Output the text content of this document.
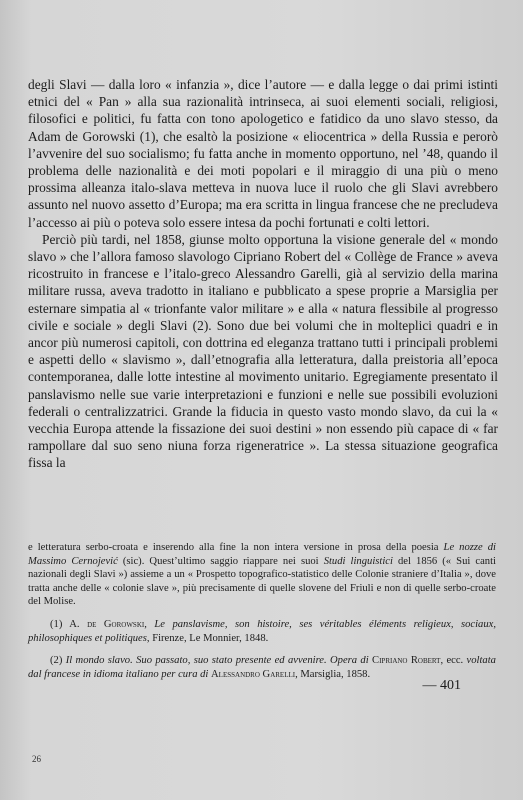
degli Slavi — dalla loro « infanzia », dice l’autore — e dalla legge o dai primi istinti etnici del « Pan » alla sua razionalità intrinseca, ai suoi elementi sociali, religiosi, filosofici e politici, fu fatta con tono apologetico e fatidico da uno slavo stesso, da Adam de Gorowski (1), che esaltò la posizione « eliocentrica » della Russia e perorò l’avvenire del suo socialismo; fu fatta anche in momento opportuno, nel ’48, quando il problema delle nazionalità e dei moti popolari e il miraggio di una più o meno prossima alleanza italo-slava metteva in nuova luce il ruolo che gli Slavi avrebbero assunto nel nuovo assetto d’Europa; ma era scritta in lingua francese che ne precludeva l’accesso ai più o poteva solo essere intesa da pochi fortunati e colti lettori.

Perciò più tardi, nel 1858, giunse molto opportuna la visione generale del « mondo slavo » che l’allora famoso slavologo Cipriano Robert del « Collège de France » aveva ricostruito in francese e l’italo-greco Alessandro Garelli, già al servizio della marina militare russa, aveva tradotto in italiano e pubblicato a spese proprie a Marsiglia per esternare simpatia al « trionfante valor militare » e alla « natura flessibile al progresso civile e sociale » degli Slavi (2). Sono due bei volumi che in molteplici quadri e in ancor più numerosi capitoli, con dottrina ed eleganza trattano tutti i principali problemi e aspetti dello « slavismo », dall’etnografia alla letteratura, dalla preistoria all’epoca contemporanea, dalle lotte intestine al movimento unitario. Egregiamente presentato il panslavismo nelle sue varie interpretazioni e funzioni e nelle sue possibili evoluzioni federali o centralizzatrici. Grande la fiducia in questo vasto mondo slavo, da cui la « vecchia Europa attende la fissazione dei suoi destini » non essendo più capace di « far rampollare dal suo seno niuna forza rigeneratrice ». La stessa situazione geografica fissa la

e letteratura serbo-croata e inserendo alla fine la non intera versione in prosa della poesia Le nozze di Massimo Cernojević (sic). Quest’ultimo saggio riappare nei suoi Studi linguistici del 1856 (« Sui canti nazionali degli Slavi ») assieme a un « Prospetto topografico-statistico delle Colonie straniere d’Italia », dove tratta anche delle « colonie slave », più precisamente di quelle slovene del Friuli e non di quelle serbo-croate del Molise.

(1) A. de Gorowski, Le panslavisme, son histoire, ses véritables éléments religieux, sociaux, philosophiques et politiques, Firenze, Le Monnier, 1848.

(2) Il mondo slavo. Suo passato, suo stato presente ed avvenire. Opera di Cipriano Robert, ecc. voltata dal francese in idioma italiano per cura di Alessandro Garelli, Marsiglia, 1858.

— 401
26
